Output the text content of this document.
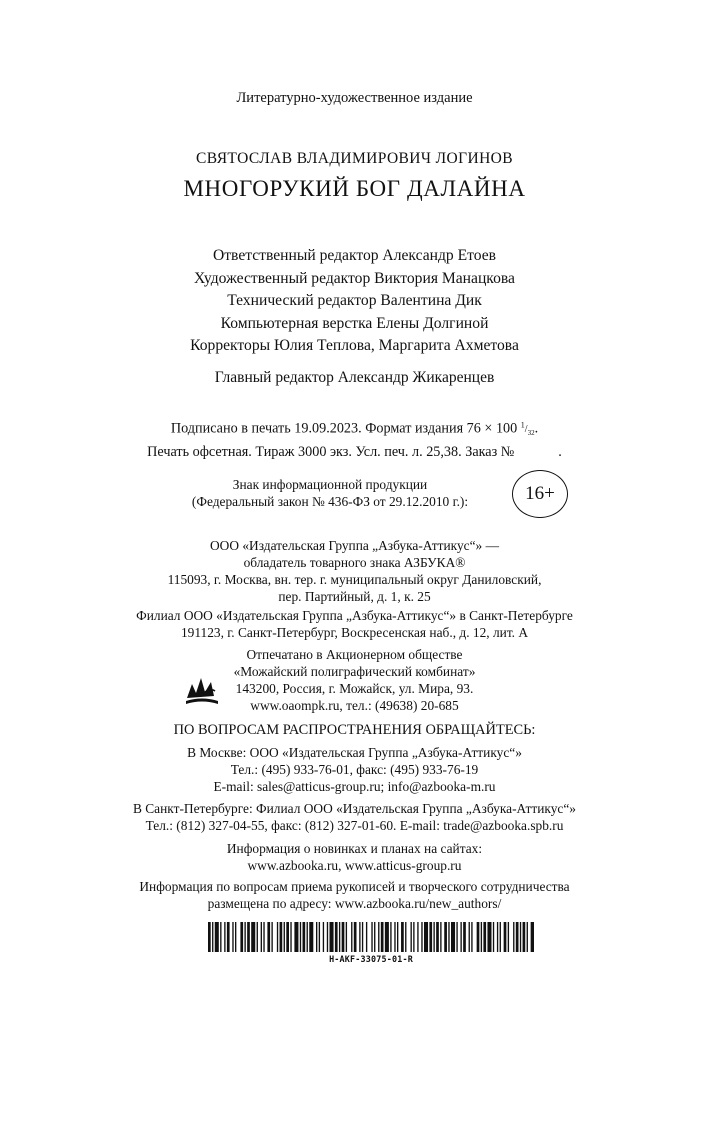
Литературно-художественное издание
СВЯТОСЛАВ ВЛАДИМИРОВИЧ ЛОГИНОВ
МНОГОРУКИЙ БОГ ДАЛАЙНА
Ответственный редактор Александр Етоев
Художественный редактор Виктория Манацкова
Технический редактор Валентина Дик
Компьютерная верстка Елены Долгиной
Корректоры Юлия Теплова, Маргарита Ахметова
Главный редактор Александр Жикаренцев
Подписано в печать 19.09.2023. Формат издания 76 × 100 $^1/_{32}$.
Печать офсетная. Тираж 3000 экз. Усл. печ. л. 25,38. Заказ №	.
Знак информационной продукции
(Федеральный закон № 436-ФЗ от 29.12.2010 г.):	16+
ООО «Издательская Группа „Азбука-Аттикус“» —
обладатель товарного знака АЗБУКА®
115093, г. Москва, вн. тер. г. муниципальный округ Даниловский,
пер. Партийный, д. 1, к. 25
Филиал ООО «Издательская Группа „Азбука-Аттикус“» в Санкт-Петербурге
191123, г. Санкт-Петербург, Воскресенская наб., д. 12, лит. А
Отпечатано в Акционерном обществе
«Можайский полиграфический комбинат»
143200, Россия, г. Можайск, ул. Мира, 93.
www.oaompk.ru, тел.: (49638) 20-685
ПО ВОПРОСАМ РАСПРОСТРАНЕНИЯ ОБРАЩАЙТЕСЬ:
В Москве: ООО «Издательская Группа „Азбука-Аттикус“»
Тел.: (495) 933-76-01, факс: (495) 933-76-19
E-mail: sales@atticus-group.ru; info@azbooka-m.ru
В Санкт-Петербурге: Филиал ООО «Издательская Группа „Азбука-Аттикус“»
Тел.: (812) 327-04-55, факс: (812) 327-01-60. E-mail: trade@azbooka.spb.ru
Информация о новинках и планах на сайтах:
www.azbooka.ru, www.atticus-group.ru
Информация по вопросам приема рукописей и творческого сотрудничества
размещена по адресу: www.azbooka.ru/new_authors/
H-AKF-33075-01-R
